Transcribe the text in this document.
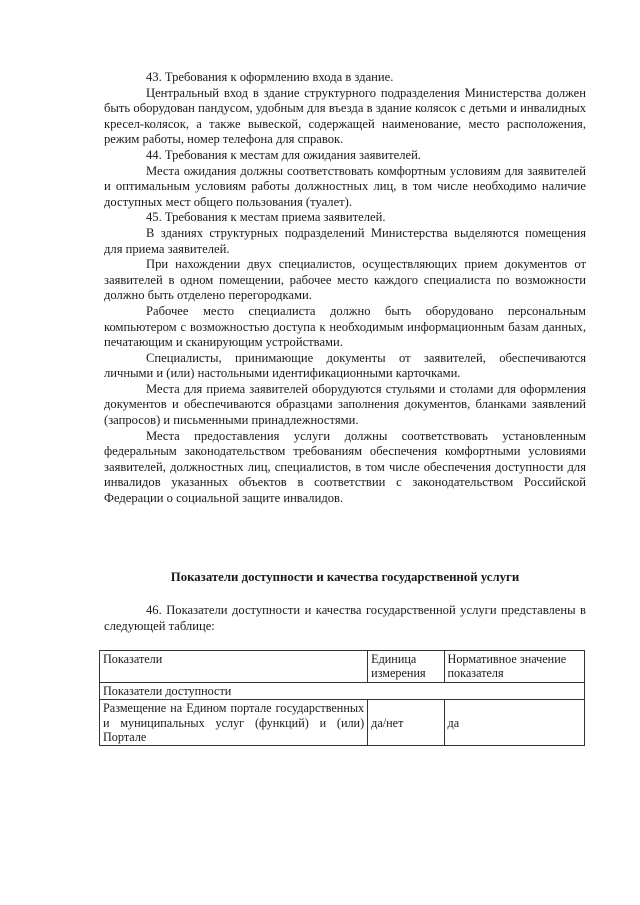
43. Требования к оформлению входа в здание.

Центральный вход в здание структурного подразделения Министерства должен быть оборудован пандусом, удобным для въезда в здание колясок с детьми и инвалидных кресел-колясок, а также вывеской, содержащей наименование, место расположения, режим работы, номер телефона для справок.

44. Требования к местам для ожидания заявителей.

Места ожидания должны соответствовать комфортным условиям для заявителей и оптимальным условиям работы должностных лиц, в том числе необходимо наличие доступных мест общего пользования (туалет).

45. Требования к местам приема заявителей.

В зданиях структурных подразделений Министерства выделяются помещения для приема заявителей.

При нахождении двух специалистов, осуществляющих прием документов от заявителей в одном помещении, рабочее место каждого специалиста по возможности должно быть отделено перегородками.

Рабочее место специалиста должно быть оборудовано персональным компьютером с возможностью доступа к необходимым информационным базам данных, печатающим и сканирующим устройствами.

Специалисты, принимающие документы от заявителей, обеспечиваются личными и (или) настольными идентификационными карточками.

Места для приема заявителей оборудуются стульями и столами для оформления документов и обеспечиваются образцами заполнения документов, бланками заявлений (запросов) и письменными принадлежностями.

Места предоставления услуги должны соответствовать установленным федеральным законодательством требованиям обеспечения комфортными условиями заявителей, должностных лиц, специалистов, в том числе обеспечения доступности для инвалидов указанных объектов в соответствии с законодательством Российской Федерации о социальной защите инвалидов.

Показатели доступности и качества государственной услуги

46. Показатели доступности и качества государственной услуги представлены в следующей таблице:

Показатели	Единица измерения	Нормативное значение показателя
Показатели доступности		
Размещение на Едином портале государственных и муниципальных услуг (функций) и (или) Портале	да/нет	да
